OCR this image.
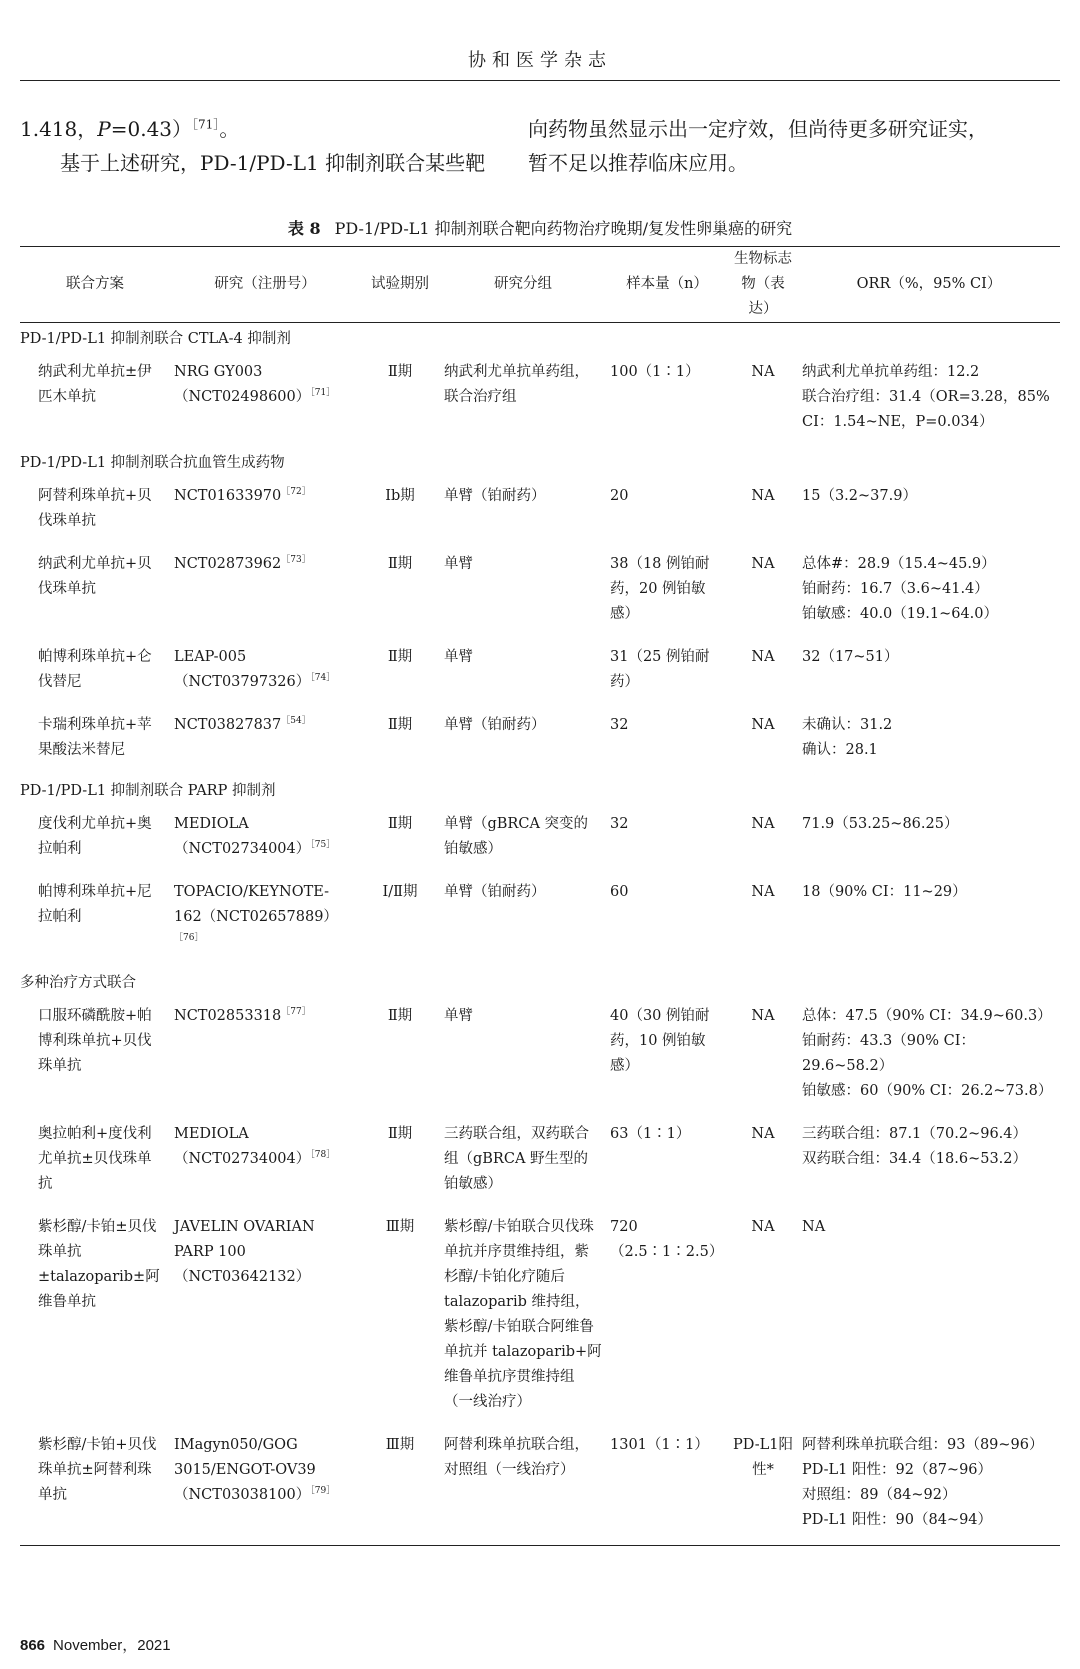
协和医学杂志

1.418，P=0.43）$^{[71]}$。

　　基于上述研究，PD-1/PD-L1 抑制剂联合某些靶

向药物虽然显示出一定疗效，但尚待更多研究证实，

暂不足以推荐临床应用。

表 8 PD-1/PD-L1 抑制剂联合靶向药物治疗晚期/复发性卵巢癌的研究
联合方案	研究（注册号）	试验期别	研究分组	样本量（n）	生物标志物（表达）	ORR（%，95% CI）
PD-1/PD-L1 抑制剂联合 CTLA-4 抑制剂						
纳武利尤单抗±伊匹木单抗	NRG $GY003(NCT02498600)^{[71]}$	Ⅱ期	纳武利尤单抗单药组，联合治疗组	100（1∶1）	NA	纳武利尤单抗单药组：12.2
联合治疗组：31.4（OR=3.28，85% CI：1.54~NE，P=0.034）
PD-1/PD-L1 抑制剂联合抗血管生成药物						
阿替利珠单抗+贝伐珠单抗	$NCT01633970^{[72]}$	Ⅰb期	单臂（铂耐药）	20	NA	15（3.2~37.9）
纳武利尤单抗+贝伐珠单抗	$NCT02873962^{[73]}$	Ⅱ期	单臂	38（18 例铂耐药，20 例铂敏感）	NA	总体#：28.9（15.4~45.9）
铂耐药：16.7（3.6~41.4）
铂敏感：40.0（19.1~64.0）
帕博利珠单抗+仑伐替尼	LEAP-$005(NCT03797326)^{[74]}$	Ⅱ期	单臂	31（25 例铂耐药）	NA	32（17~51）
卡瑞利珠单抗+苹果酸法米替尼	$NCT03827837^{[54]}$	Ⅱ期	单臂（铂耐药）	32	NA	未确认：31.2
确认：28.1
PD-1/PD-L1 抑制剂联合 PARP 抑制剂						
度伐利尤单抗+奥拉帕利	$MEDIOLA(NCT02734004)^{[75]}$	Ⅱ期	单臂（gBRCA 突变的铂敏感）	32	NA	71.9（53.25~86.25）
帕博利珠单抗+尼拉帕利	TOPACIO/$KEYNOTE-162(NCT02657889)^{[76]}$	Ⅰ/Ⅱ期	单臂（铂耐药）	60	NA	18（90% CI：11~29）
多种治疗方式联合						
口服环磷酰胺+帕博利珠单抗+贝伐珠单抗	$NCT02853318^{[77]}$	Ⅱ期	单臂	40（30 例铂耐药，10 例铂敏感）	NA	总体：47.5（90% CI：34.9~60.3）
铂耐药：43.3（90% CI：29.6~58.2）
铂敏感：60（90% CI：26.2~73.8）
奥拉帕利+度伐利尤单抗±贝伐珠单抗	$MEDIOLA(NCT02734004)^{[78]}$	Ⅱ期	三药联合组，双药联合组（gBRCA 野生型的铂敏感）	63（1∶1）	NA	三药联合组：87.1（70.2~96.4）
双药联合组：34.4（18.6~53.2）
紫杉醇/卡铂±贝伐珠单抗±talazoparib±阿维鲁单抗	JAVELIN OVARIAN PARP 100（NCT03642132）	Ⅲ期	紫杉醇/卡铂联合贝伐珠单抗并序贯维持组，紫杉醇/卡铂化疗随后 talazoparib 维持组，紫杉醇/卡铂联合阿维鲁单抗并 talazoparib+阿维鲁单抗序贯维持组（一线治疗）	720（2.5∶1∶2.5）	NA	NA
紫杉醇/卡铂+贝伐珠单抗±阿替利珠单抗	IMagyn050/GOG $3015/ENGOT-OV39(NCT03038100)^{[79]}$	Ⅲ期	阿替利珠单抗联合组，对照组（一线治疗）	1301（1∶1）	PD-L1阳性*	阿替利珠单抗联合组：93（89~96）
PD-L1 阳性：92（87~96）
对照组：89（84~92）
PD-L1 阳性：90（84~94）
866 November，2021
